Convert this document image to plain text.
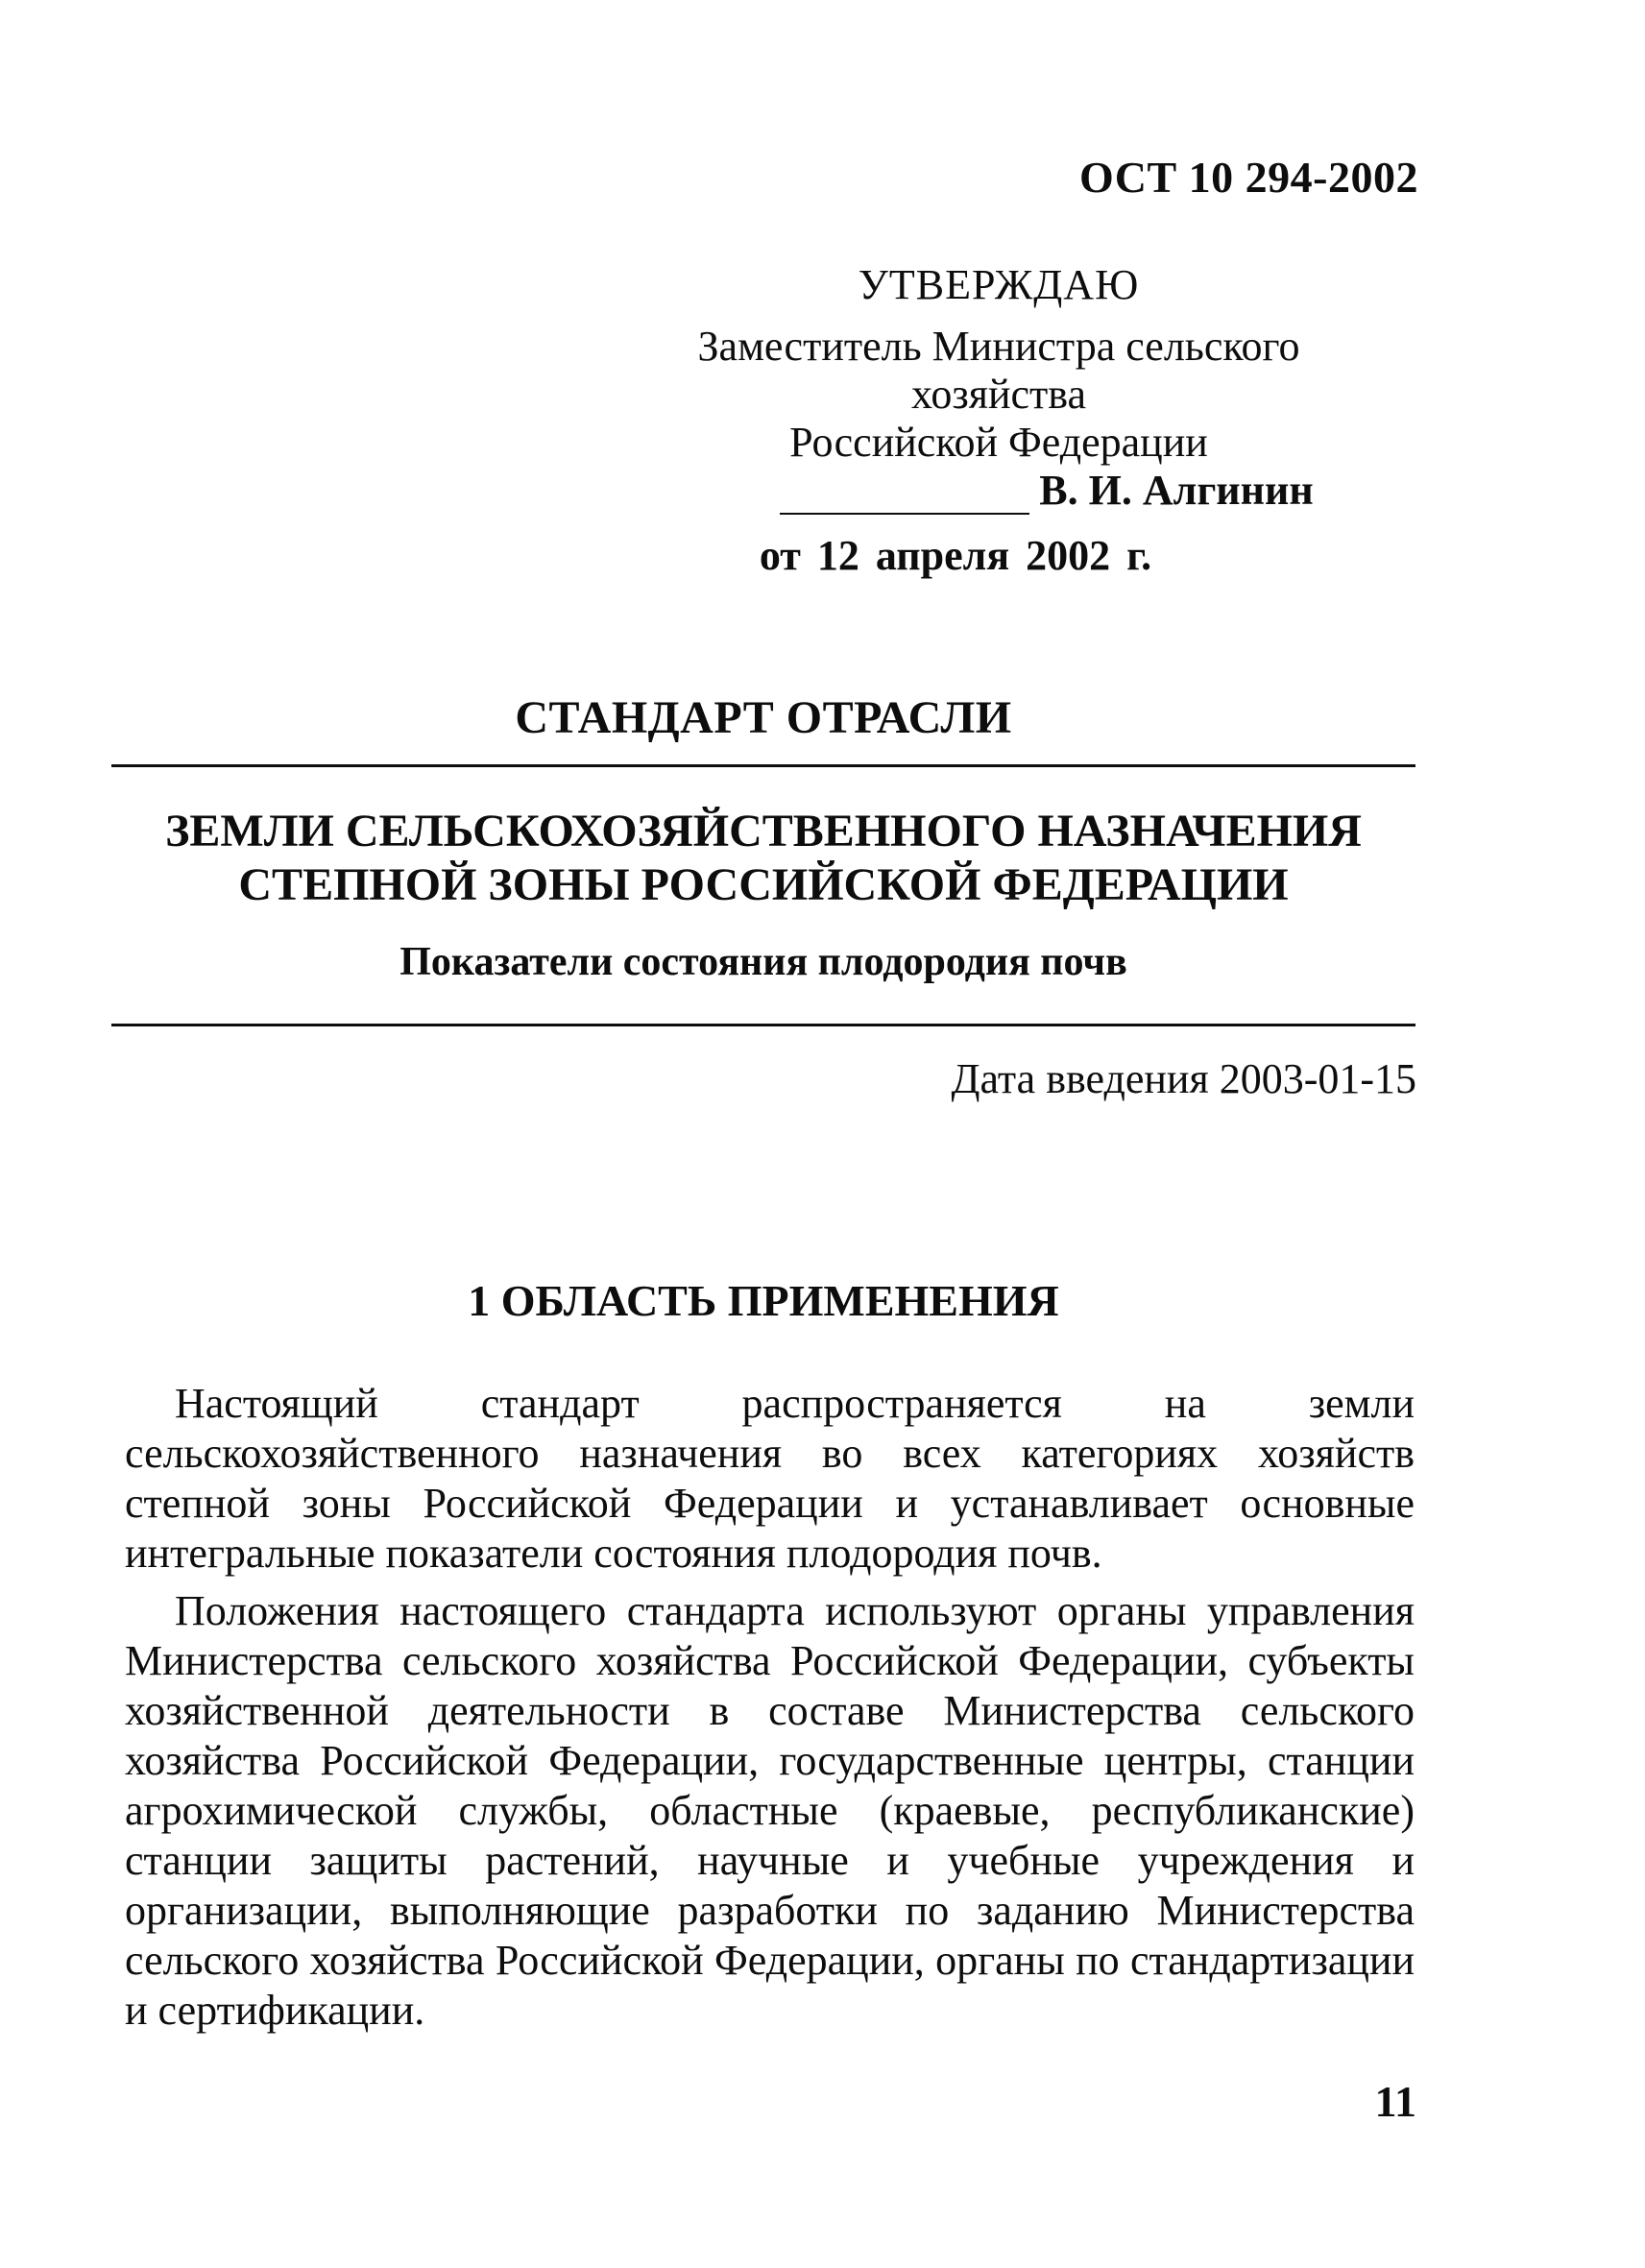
ОСТ 10 294-2002
УТВЕРЖДАЮ
Заместитель Министра сельского хозяйства
Российской Федерации
В. И. Алгинин
от 12 апреля 2002 г.
СТАНДАРТ ОТРАСЛИ
ЗЕМЛИ СЕЛЬСКОХОЗЯЙСТВЕННОГО НАЗНАЧЕНИЯ
СТЕПНОЙ ЗОНЫ РОССИЙСКОЙ ФЕДЕРАЦИИ
Показатели состояния плодородия почв
Дата введения 2003-01-15
1 ОБЛАСТЬ ПРИМЕНЕНИЯ

Настоящий стандарт распространяется на земли сельскохозяйственного назначения во всех категориях хозяйств степной зоны Российской Федерации и устанавливает основные интегральные показатели состояния плодородия почв.

Положения настоящего стандарта используют органы управления Министерства сельского хозяйства Российской Федерации, субъекты хозяйственной деятельности в составе Министерства сельского хозяйства Российской Федерации, государственные центры, станции агрохимической службы, областные (краевые, республиканские) станции защиты растений, научные и учебные учреждения и организации, выполняющие разработки по заданию Министерства сельского хозяйства Российской Федерации, органы по стандартизации и сертификации.

11
